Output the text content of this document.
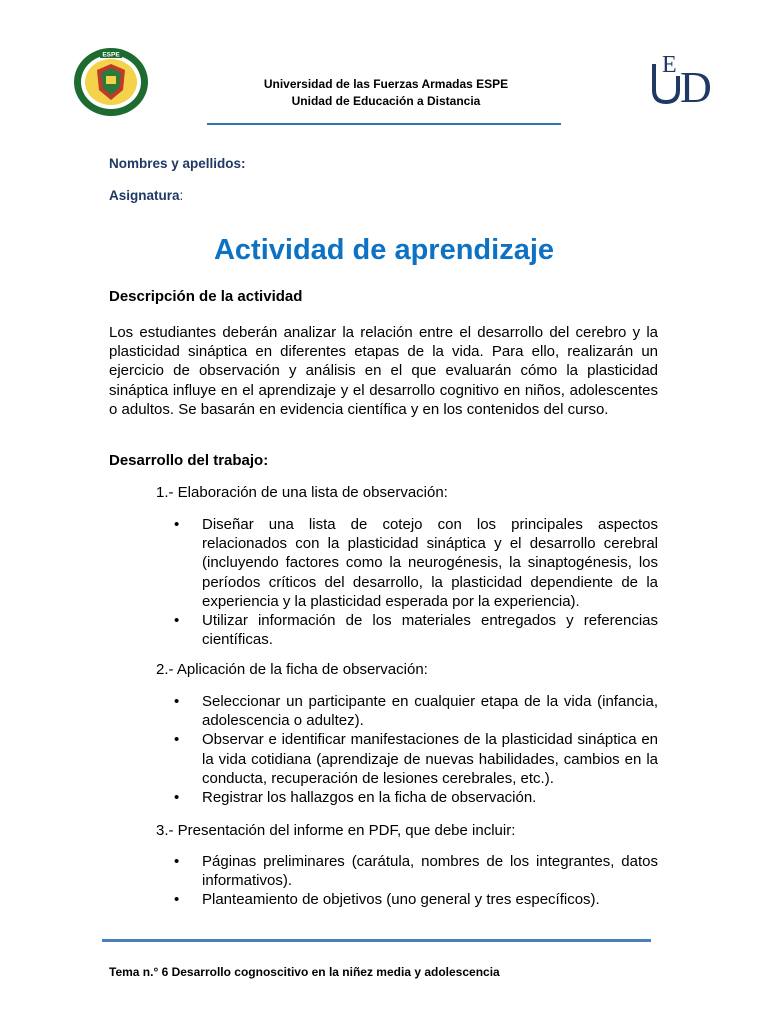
ESPE
Universidad de las Fuerzas Armadas ESPE
Unidad de Educación a Distancia
E D
Nombres y apellidos:
Asignatura:
Actividad de aprendizaje
Descripción de la actividad
Los estudiantes deberán analizar la relación entre el desarrollo del cerebro y la plasticidad sináptica en diferentes etapas de la vida. Para ello, realizarán un ejercicio de observación y análisis en el que evaluarán cómo la plasticidad sináptica influye en el aprendizaje y el desarrollo cognitivo en niños, adolescentes o adultos. Se basarán en evidencia científica y en los contenidos del curso.
Desarrollo del trabajo:
1.- Elaboración de una lista de observación:
• Diseñar una lista de cotejo con los principales aspectos relacionados con la plasticidad sináptica y el desarrollo cerebral (incluyendo factores como la neurogénesis, la sinaptogénesis, los períodos críticos del desarrollo, la plasticidad dependiente de la experiencia y la plasticidad esperada por la experiencia).
• Utilizar información de los materiales entregados y referencias científicas.
2.- Aplicación de la ficha de observación:
• Seleccionar un participante en cualquier etapa de la vida (infancia, adolescencia o adultez).
• Observar e identificar manifestaciones de la plasticidad sináptica en la vida cotidiana (aprendizaje de nuevas habilidades, cambios en la conducta, recuperación de lesiones cerebrales, etc.).
• Registrar los hallazgos en la ficha de observación.
3.- Presentación del informe en PDF, que debe incluir:
• Páginas preliminares (carátula, nombres de los integrantes, datos informativos).
• Planteamiento de objetivos (uno general y tres específicos).
Tema n.° 6 Desarrollo cognoscitivo en la niñez media y adolescencia
